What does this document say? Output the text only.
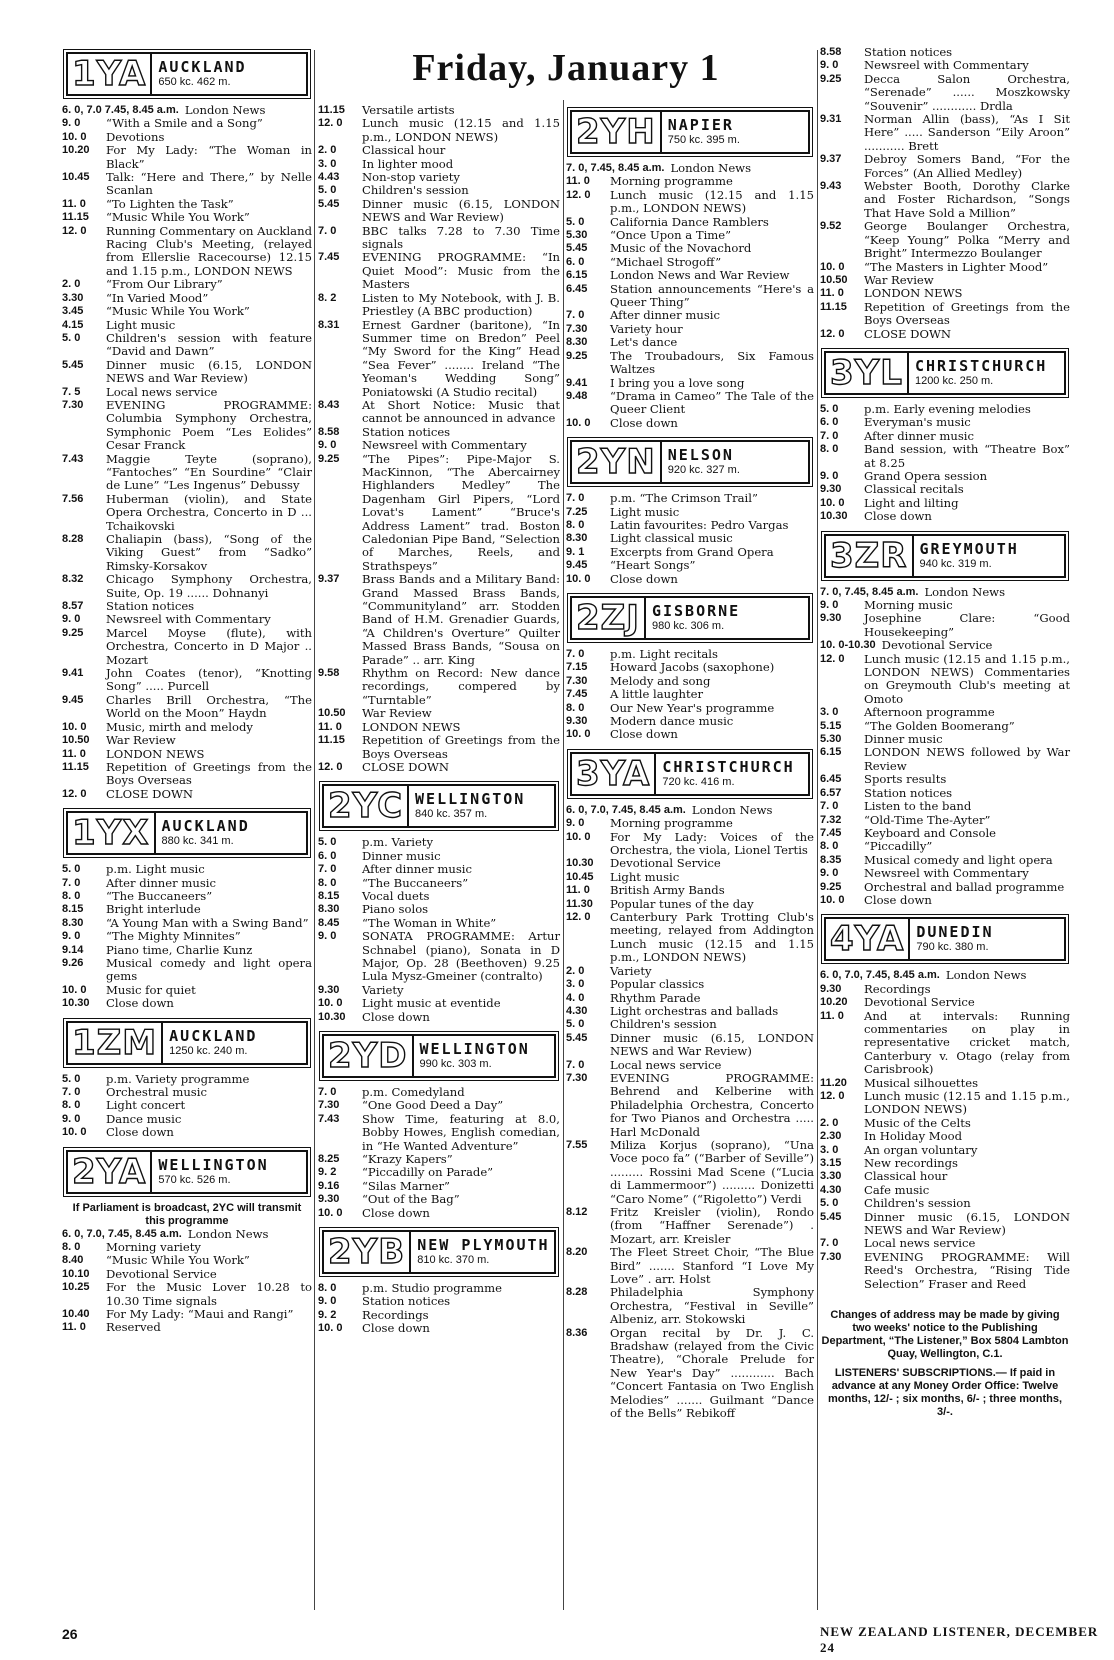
Friday, January 1
1YA AUCKLAND
650 kc. 462 m.
6. 0, 7.0 7.45, 8.45 a.m. London News
9. 0	“With a Smile and a Song”
10. 0	Devotions
10.20	For My Lady: “The Woman in Black”
10.45	Talk: “Here and There,” by Nelle Scanlan
11. 0	“To Lighten the Task”
11.15	“Music While You Work”
12. 0	Running Commentary on Auckland Racing Club's Meeting, (relayed from Ellerslie Racecourse) 12.15 and 1.15 p.m., LONDON NEWS
2. 0	“From Our Library”
3.30	“In Varied Mood”
3.45	“Music While You Work”
4.15	Light music
5. 0	Children's session with feature “David and Dawn”
5.45	Dinner music (6.15, LONDON NEWS and War Review)
7. 5	Local news service
7.30	EVENING PROGRAMME: Columbia Symphony Orchestra, Symphonic Poem “Les Eolides” Cesar Franck
7.43	Maggie Teyte (soprano), “Fantoches” “En Sourdine” “Clair de Lune” “Les Ingenus” Debussy
7.56	Huberman (violin), and State Opera Orchestra, Concerto in D ... Tchaikovski
8.28	Chaliapin (bass), “Song of the Viking Guest” from “Sadko” Rimsky-Korsakov
8.32	Chicago Symphony Orchestra, Suite, Op. 19 ...... Dohnanyi
8.57	Station notices
9. 0	Newsreel with Commentary
9.25	Marcel Moyse (flute), with Orchestra, Concerto in D Major .. Mozart
9.41	John Coates (tenor), “Knotting Song” ..... Purcell
9.45	Charles Brill Orchestra, “The World on the Moon” Haydn
10. 0	Music, mirth and melody
10.50	War Review
11. 0	LONDON NEWS
11.15	Repetition of Greetings from the Boys Overseas
12. 0	CLOSE DOWN
1YX AUCKLAND
880 kc. 341 m.
5. 0	p.m. Light music
7. 0	After dinner music
8. 0	“The Buccaneers”
8.15	Bright interlude
8.30	“A Young Man with a Swing Band”
9. 0	“The Mighty Minnites”
9.14	Piano time, Charlie Kunz
9.26	Musical comedy and light opera gems
10. 0	Music for quiet
10.30	Close down
1ZM AUCKLAND
1250 kc. 240 m.
5. 0	p.m. Variety programme
7. 0	Orchestral music
8. 0	Light concert
9. 0	Dance music
10. 0	Close down
2YA WELLINGTON
570 kc. 526 m.
If Parliament is broadcast, 2YC will transmit this programme
6. 0, 7.0, 7.45, 8.45 a.m. London News
8. 0	Morning variety
8.40	“Music While You Work”
10.10	Devotional Service
10.25	For the Music Lover 10.28 to 10.30 Time signals
10.40	For My Lady: “Maui and Rangi”
11. 0	Reserved
11.15	Versatile artists
12. 0	Lunch music (12.15 and 1.15 p.m., LONDON NEWS)
2. 0	Classical hour
3. 0	In lighter mood
4.43	Non-stop variety
5. 0	Children's session
5.45	Dinner music (6.15, LONDON NEWS and War Review)
7. 0	BBC talks 7.28 to 7.30 Time signals
7.45	EVENING PROGRAMME: “In Quiet Mood”: Music from the Masters
8. 2	Listen to My Notebook, with J. B. Priestley (A BBC production)
8.31	Ernest Gardner (baritone), “In Summer time on Bredon” Peel “My Sword for the King” Head “Sea Fever” ........ Ireland “The Yeoman's Wedding Song” Poniatowski (A Studio recital)
8.43	At Short Notice: Music that cannot be announced in advance
8.58	Station notices
9. 0	Newsreel with Commentary
9.25	“The Pipes”: Pipe-Major S. MacKinnon, “The Abercairney Highlanders Medley” The Dagenham Girl Pipers, “Lord Lovat's Lament” “Bruce's Address Lament” trad. Boston Caledonian Pipe Band, “Selection of Marches, Reels, and Strathspeys”
9.37	Brass Bands and a Military Band: Grand Massed Brass Bands, “Communityland” arr. Stodden Band of H.M. Grenadier Guards, “A Children's Overture” Quilter Massed Brass Bands, “Sousa on Parade” .. arr. King
9.58	Rhythm on Record: New dance recordings, compered by “Turntable”
10.50	War Review
11. 0	LONDON NEWS
11.15	Repetition of Greetings from the Boys Overseas
12. 0	CLOSE DOWN
2YC WELLINGTON
840 kc. 357 m.
5. 0	p.m. Variety
6. 0	Dinner music
7. 0	After dinner music
8. 0	“The Buccaneers”
8.15	Vocal duets
8.30	Piano solos
8.45	“The Woman in White”
9. 0	SONATA PROGRAMME: Artur Schnabel (piano), Sonata in D Major, Op. 28 (Beethoven) 9.25 Lula Mysz-Gmeiner (contralto)
9.30	Variety
10. 0	Light music at eventide
10.30	Close down
2YD WELLINGTON
990 kc. 303 m.
7. 0	p.m. Comedyland
7.30	“One Good Deed a Day”
7.43	Show Time, featuring at 8.0, Bobby Howes, English comedian, in “He Wanted Adventure”
8.25	“Krazy Kapers”
9. 2	“Piccadilly on Parade”
9.16	“Silas Marner”
9.30	“Out of the Bag”
10. 0	Close down
2YB NEW PLYMOUTH
810 kc. 370 m.
8. 0	p.m. Studio programme
9. 0	Station notices
9. 2	Recordings
10. 0	Close down
2YH NAPIER
750 kc. 395 m.
7. 0, 7.45, 8.45 a.m. London News
11. 0	Morning programme
12. 0	Lunch music (12.15 and 1.15 p.m., LONDON NEWS)
5. 0	California Dance Ramblers
5.30	“Once Upon a Time”
5.45	Music of the Novachord
6. 0	“Michael Strogoff”
6.15	London News and War Review
6.45	Station announcements “Here's a Queer Thing”
7. 0	After dinner music
7.30	Variety hour
8.30	Let's dance
9.25	The Troubadours, Six Famous Waltzes
9.41	I bring you a love song
9.48	“Drama in Cameo” The Tale of the Queer Client
10. 0	Close down
2YN NELSON
920 kc. 327 m.
7. 0	p.m. “The Crimson Trail”
7.25	Light music
8. 0	Latin favourites: Pedro Vargas
8.30	Light classical music
9. 1	Excerpts from Grand Opera
9.45	“Heart Songs”
10. 0	Close down
2ZJ GISBORNE
980 kc. 306 m.
7. 0	p.m. Light recitals
7.15	Howard Jacobs (saxophone)
7.30	Melody and song
7.45	A little laughter
8. 0	Our New Year's programme
9.30	Modern dance music
10. 0	Close down
3YA CHRISTCHURCH
720 kc. 416 m.
6. 0, 7.0, 7.45, 8.45 a.m. London News
9. 0	Morning programme
10. 0	For My Lady: Voices of the Orchestra, the viola, Lionel Tertis
10.30	Devotional Service
10.45	Light music
11. 0	British Army Bands
11.30	Popular tunes of the day
12. 0	Canterbury Park Trotting Club's meeting, relayed from Addington Lunch music (12.15 and 1.15 p.m., LONDON NEWS)
2. 0	Variety
3. 0	Popular classics
4. 0	Rhythm Parade
4.30	Light orchestras and ballads
5. 0	Children's session
5.45	Dinner music (6.15, LONDON NEWS and War Review)
7. 0	Local news service
7.30	EVENING PROGRAMME: Behrend and Kelberine with Philadelphia Orchestra, Concerto for Two Pianos and Orchestra ..... Harl McDonald
7.55	Miliza Korjus (soprano), “Una Voce poco fa” (“Barber of Seville”) ......... Rossini Mad Scene (“Lucia di Lammermoor”) ......... Donizetti “Caro Nome” (“Rigoletto”) Verdi
8.12	Fritz Kreisler (violin), Rondo (from “Haffner Serenade”) . Mozart, arr. Kreisler
8.20	The Fleet Street Choir, “The Blue Bird” ....... Stanford “I Love My Love” . arr. Holst
8.28	Philadelphia Symphony Orchestra, “Festival in Seville” Albeniz, arr. Stokowski
8.36	Organ recital by Dr. J. C. Bradshaw (relayed from the Civic Theatre), “Chorale Prelude for New Year's Day” ............ Bach “Concert Fantasia on Two English Melodies” ....... Guilmant “Dance of the Bells” Rebikoff
8.58	Station notices
9. 0	Newsreel with Commentary
9.25	Decca Salon Orchestra, “Serenade” ...... Moszkowsky “Souvenir” ............ Drdla
9.31	Norman Allin (bass), “As I Sit Here” ..... Sanderson “Eily Aroon” ........... Brett
9.37	Debroy Somers Band, “For the Forces” (An Allied Medley)
9.43	Webster Booth, Dorothy Clarke and Foster Richardson, “Songs That Have Sold a Million”
9.52	George Boulanger Orchestra, “Keep Young” Polka “Merry and Bright” Intermezzo Boulanger
10. 0	“The Masters in Lighter Mood”
10.50	War Review
11. 0	LONDON NEWS
11.15	Repetition of Greetings from the Boys Overseas
12. 0	CLOSE DOWN
3YL CHRISTCHURCH
1200 kc. 250 m.
5. 0	p.m. Early evening melodies
6. 0	Everyman's music
7. 0	After dinner music
8. 0	Band session, with “Theatre Box” at 8.25
9. 0	Grand Opera session
9.30	Classical recitals
10. 0	Light and lilting
10.30	Close down
3ZR GREYMOUTH
940 kc. 319 m.
7. 0, 7.45, 8.45 a.m. London News
9. 0	Morning music
9.30	Josephine Clare: “Good Housekeeping”
10. 0-10.30 Devotional Service
12. 0	Lunch music (12.15 and 1.15 p.m., LONDON NEWS) Commentaries on Greymouth Club's meeting at Omoto
3. 0	Afternoon programme
5.15	“The Golden Boomerang”
5.30	Dinner music
6.15	LONDON NEWS followed by War Review
6.45	Sports results
6.57	Station notices
7. 0	Listen to the band
7.32	“Old-Time The-Ayter”
7.45	Keyboard and Console
8. 0	“Piccadilly”
8.35	Musical comedy and light opera
9. 0	Newsreel with Commentary
9.25	Orchestral and ballad programme
10. 0	Close down
4YA DUNEDIN
790 kc. 380 m.
6. 0, 7.0, 7.45, 8.45 a.m. London News
9.30	Recordings
10.20	Devotional Service
11. 0	And at intervals: Running commentaries on play in representative cricket match, Canterbury v. Otago (relay from Carisbrook)
11.20	Musical silhouettes
12. 0	Lunch music (12.15 and 1.15 p.m., LONDON NEWS)
2. 0	Music of the Celts
2.30	In Holiday Mood
3. 0	An organ voluntary
3.15	New recordings
3.30	Classical hour
4.30	Cafe music
5. 0	Children's session
5.45	Dinner music (6.15, LONDON NEWS and War Review)
7. 0	Local news service
7.30	EVENING PROGRAMME: Will Reed's Orchestra, “Rising Tide Selection” Fraser and Reed
Changes of address may be made by giving two weeks' notice to the Publishing Department, “The Listener,” Box 5804 Lambton Quay, Wellington, C.1.
LISTENERS' SUBSCRIPTIONS.— If paid in advance at any Money Order Office: Twelve months, 12/- ; six months, 6/- ; three months, 3/-.
26	NEW ZEALAND LISTENER, DECEMBER 24
